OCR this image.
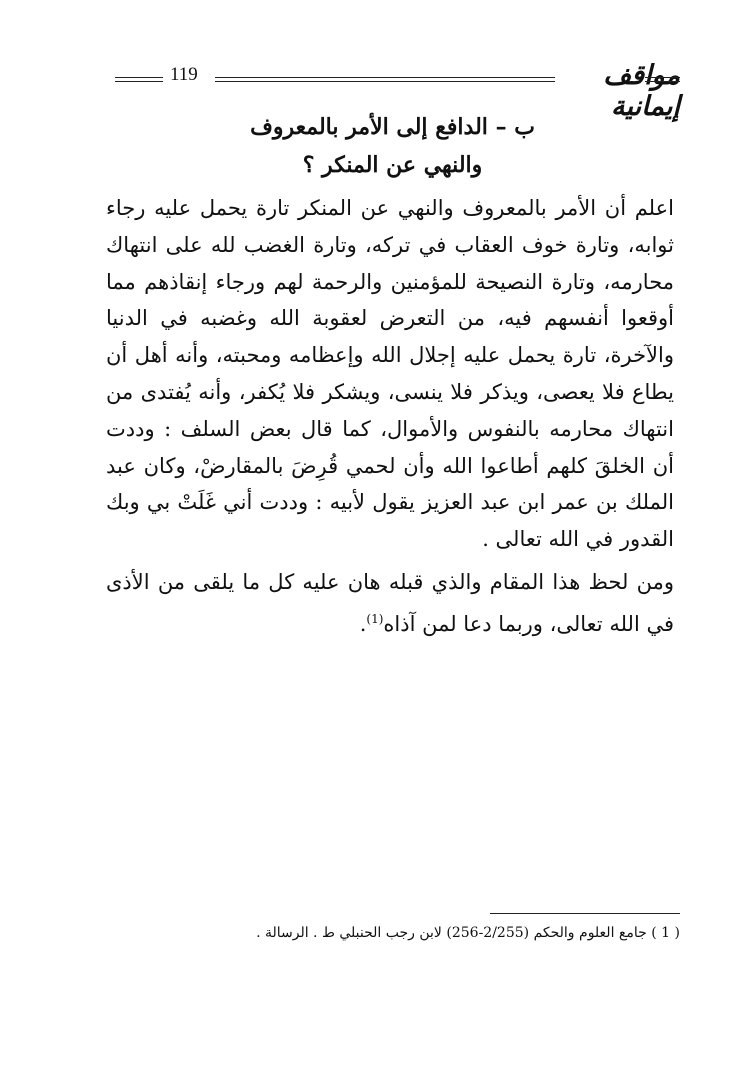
119	مواقف إيمانية
ب – الدافع إلى الأمر بالمعروف
والنهي عن المنكر ؟

اعلم أن الأمر بالمعروف والنهي عن المنكر تارة يحمل عليه رجاء ثوابه، وتارة خوف العقاب في تركه، وتارة الغضب لله على انتهاك محارمه، وتارة النصيحة للمؤمنين والرحمة لهم ورجاء إنقاذهم مما أوقعوا أنفسهم فيه، من التعرض لعقوبة الله وغضبه في الدنيا والآخرة، تارة يحمل عليه إجلال الله وإعظامه ومحبته، وأنه أهل أن يطاع فلا يعصى، ويذكر فلا ينسى، ويشكر فلا يُكفر، وأنه يُفتدى من انتهاك محارمه بالنفوس والأموال، كما قال بعض السلف : وددت أن الخلقَ كلهم أطاعوا الله وأن لحمي قُرِضَ بالمقارضْ، وكان عبد الملك بن عمر ابن عبد العزيز يقول لأبيه : وددت أني غَلَتْ بي وبك القدور في الله تعالى .

ومن لحظ هذا المقام والذي قبله هان عليه كل ما يلقى من الأذى في الله تعالى، وربما دعا لمن آذاه$^{(1)}$.

( 1 ) جامع العلوم والحكم (2/255-256) لابن رجب الحنبلي ط . الرسالة .
